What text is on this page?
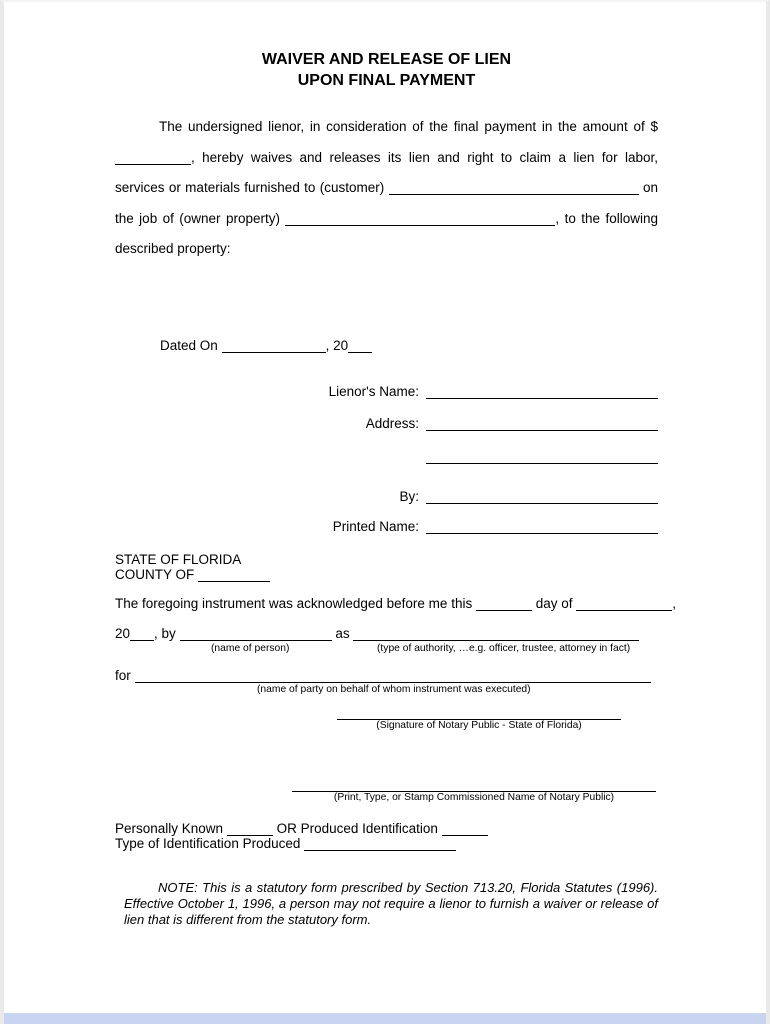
WAIVER AND RELEASE OF LIEN
UPON FINAL PAYMENT

The undersigned lienor, in consideration of the final payment in the amount of $, hereby waives and releases its lien and right to claim a lien for labor, services or materials furnished to (customer)	on the job of (owner property)	, to the following described property:

Dated On	, 20
Lienor's Name:
Address:
By:
Printed Name:
STATE OF FLORIDA
COUNTY OF
The foregoing instrument was acknowledged before me this	day of	,
20 , by	as
(name of person)	(type of authority, …e.g. officer, trustee, attorney in fact)
for
(name of party on behalf of whom instrument was executed)
(Signature of Notary Public - State of Florida)
(Print, Type, or Stamp Commissioned Name of Notary Public)
Personally Known	OR Produced Identification
Type of Identification Produced

NOTE: This is a statutory form prescribed by Section 713.20, Florida Statutes (1996). Effective October 1, 1996, a person may not require a lienor to furnish a waiver or release of lien that is different from the statutory form.
